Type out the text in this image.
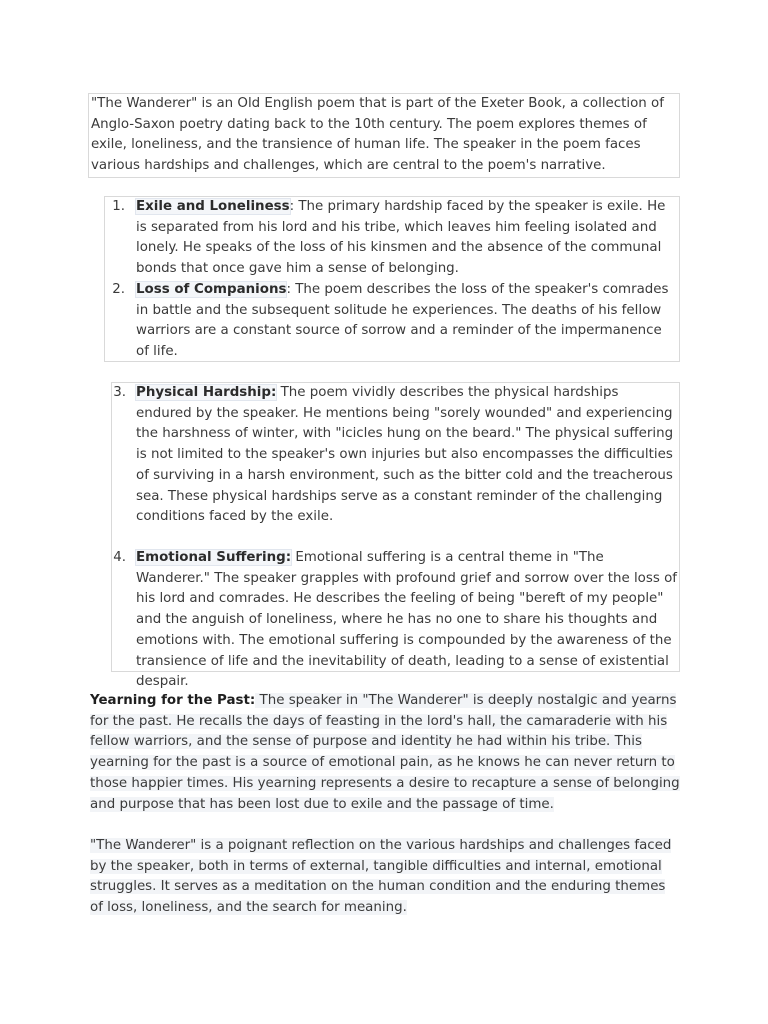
"The Wanderer" is an Old English poem that is part of the Exeter Book, a collection of Anglo-Saxon poetry dating back to the 10th century. The poem explores themes of exile, loneliness, and the transience of human life. The speaker in the poem faces various hardships and challenges, which are central to the poem's narrative.
1. Exile and Loneliness: The primary hardship faced by the speaker is exile. He is separated from his lord and his tribe, which leaves him feeling isolated and lonely. He speaks of the loss of his kinsmen and the absence of the communal bonds that once gave him a sense of belonging.
2. Loss of Companions: The poem describes the loss of the speaker's comrades in battle and the subsequent solitude he experiences. The deaths of his fellow warriors are a constant source of sorrow and a reminder of the impermanence of life.
3. Physical Hardship: The poem vividly describes the physical hardships endured by the speaker. He mentions being "sorely wounded" and experiencing the harshness of winter, with "icicles hung on the beard." The physical suffering is not limited to the speaker's own injuries but also encompasses the difficulties of surviving in a harsh environment, such as the bitter cold and the treacherous sea. These physical hardships serve as a constant reminder of the challenging conditions faced by the exile.
4. Emotional Suffering: Emotional suffering is a central theme in "The Wanderer." The speaker grapples with profound grief and sorrow over the loss of his lord and comrades. He describes the feeling of being "bereft of my people" and the anguish of loneliness, where he has no one to share his thoughts and emotions with. The emotional suffering is compounded by the awareness of the transience of life and the inevitability of death, leading to a sense of existential despair.
Yearning for the Past: The speaker in "The Wanderer" is deeply nostalgic and yearns for the past. He recalls the days of feasting in the lord's hall, the camaraderie with his fellow warriors, and the sense of purpose and identity he had within his tribe. This yearning for the past is a source of emotional pain, as he knows he can never return to those happier times. His yearning represents a desire to recapture a sense of belonging and purpose that has been lost due to exile and the passage of time.
"The Wanderer" is a poignant reflection on the various hardships and challenges faced by the speaker, both in terms of external, tangible difficulties and internal, emotional struggles. It serves as a meditation on the human condition and the enduring themes of loss, loneliness, and the search for meaning.
